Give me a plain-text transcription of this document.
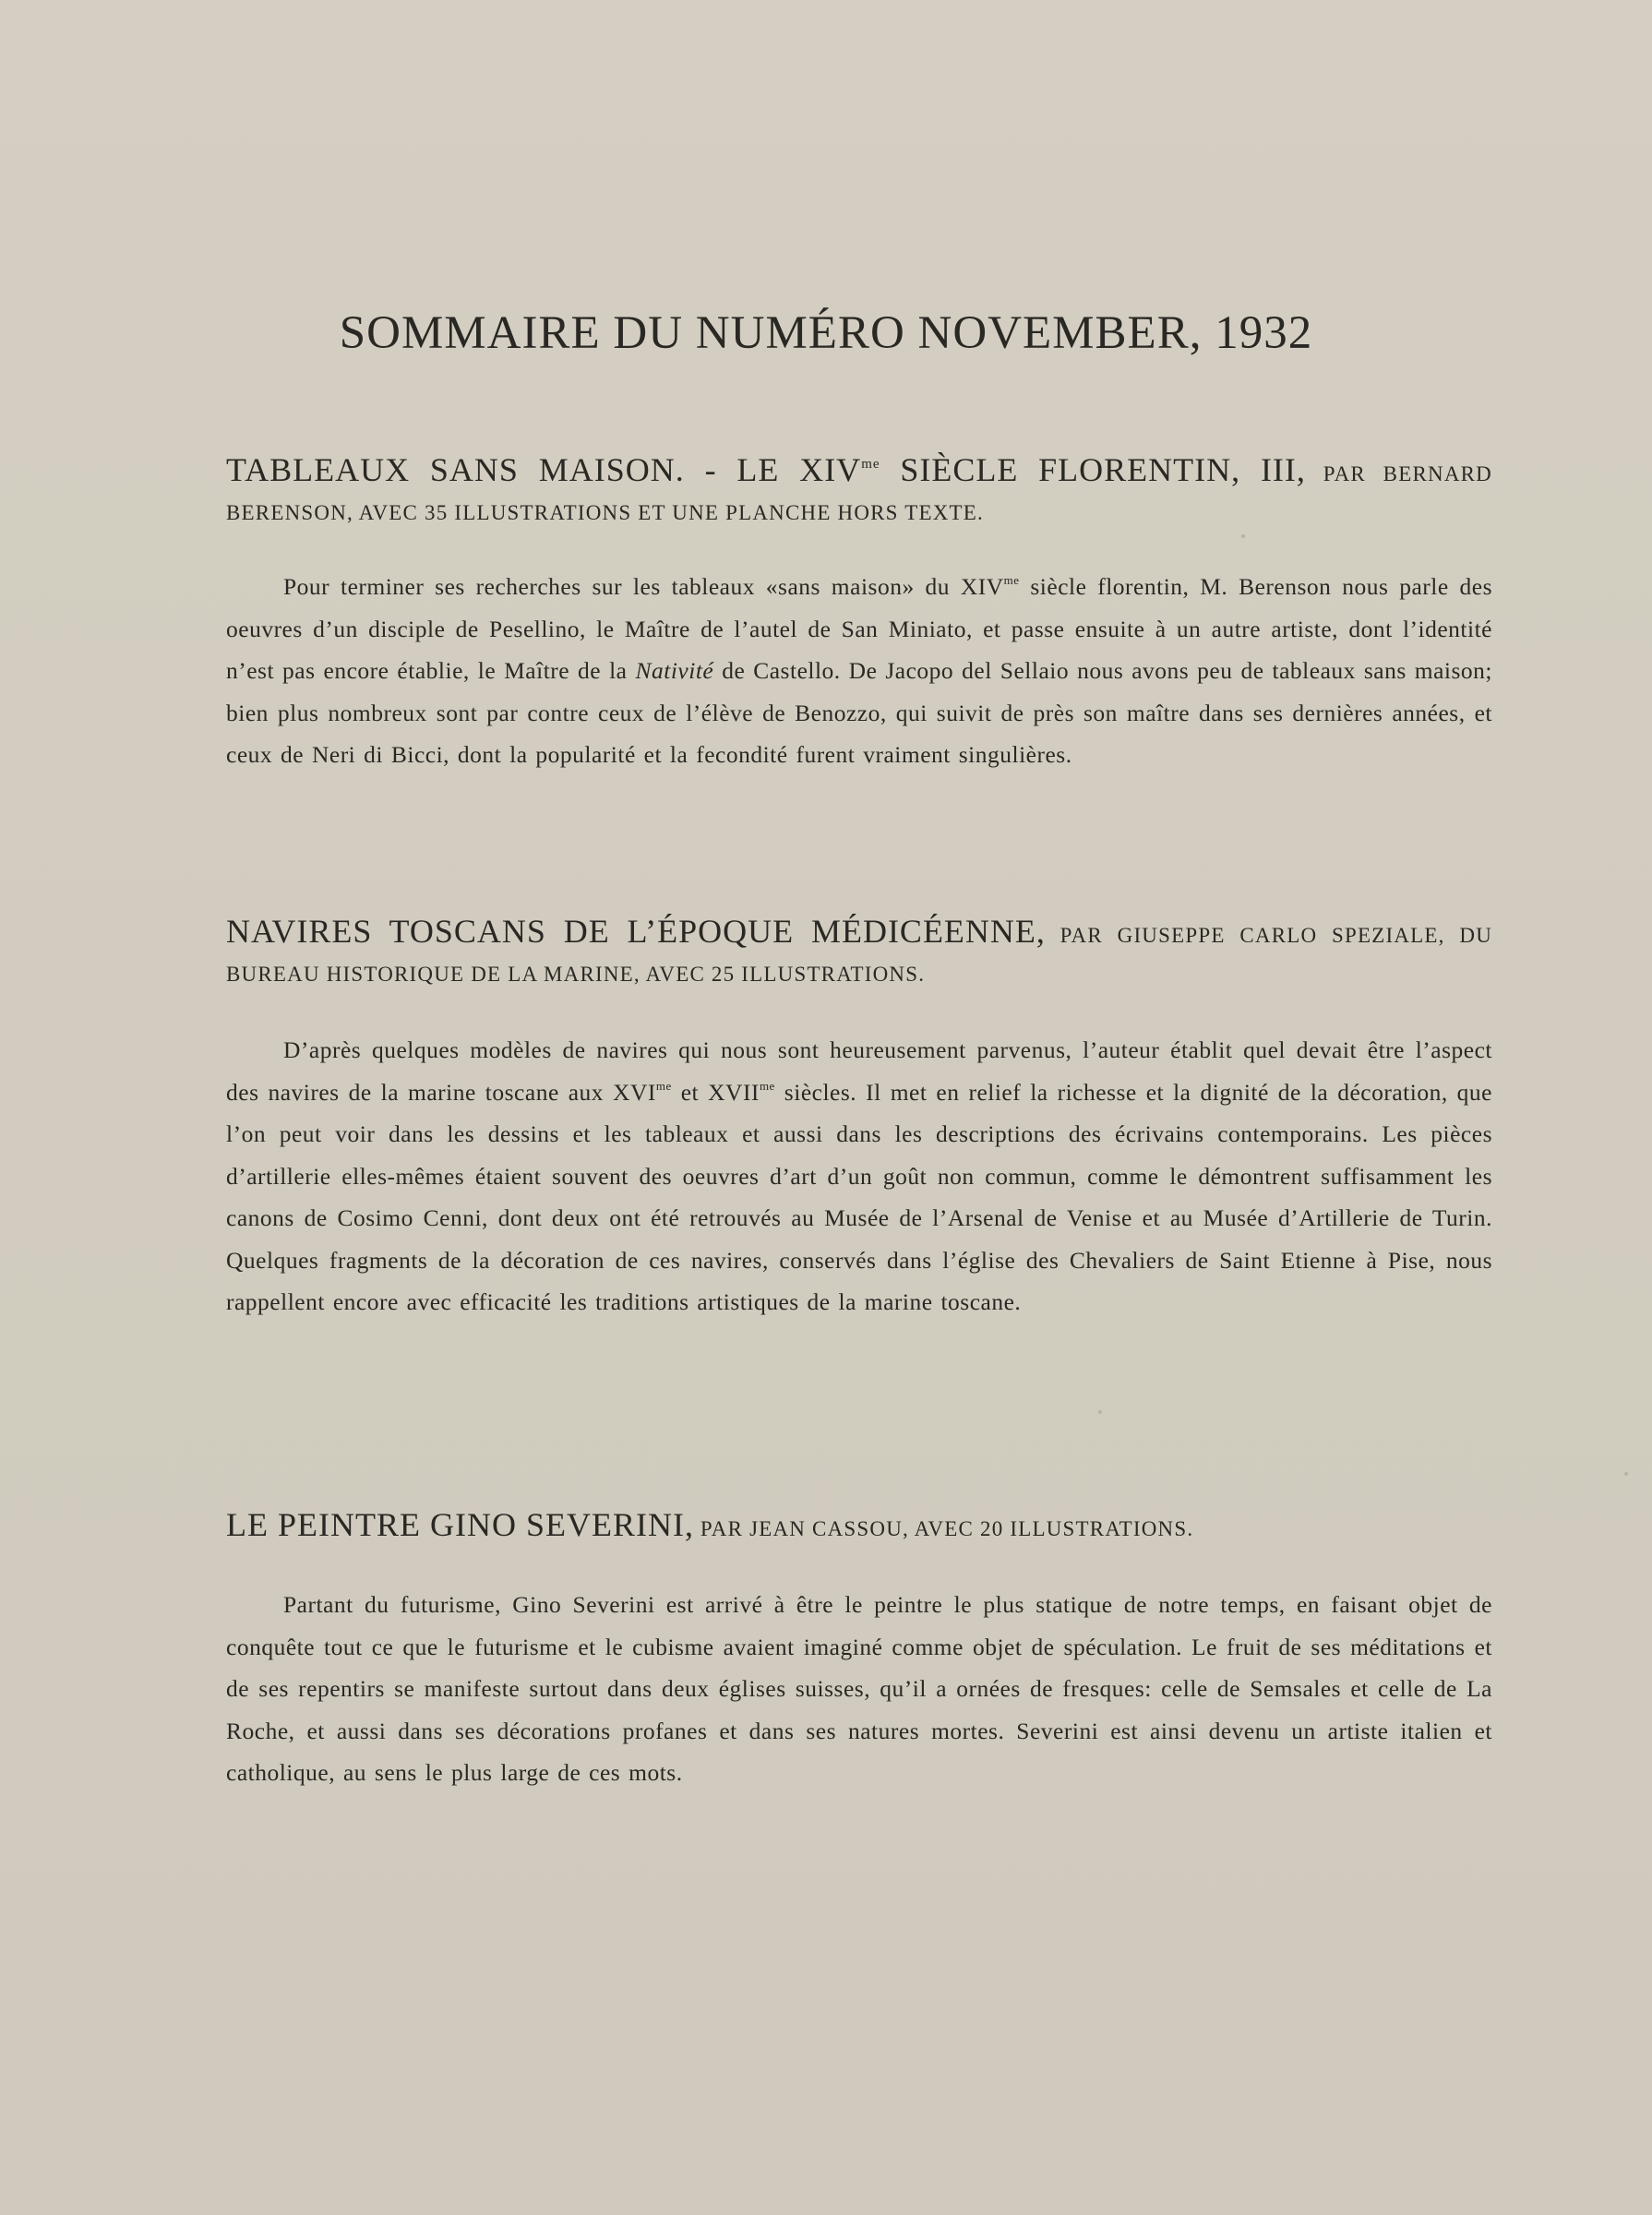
SOMMAIRE DU NUMÉRO NOVEMBER, 1932
TABLEAUX SANS MAISON. - LE $XIV^{me}$ SIÈCLE FLORENTIN, III, PAR BERNARD BERENSON, AVEC 35 ILLUSTRATIONS ET UNE PLANCHE HORS TEXTE.

Pour terminer ses recherches sur les tableaux «sans maison» du $XIV^{me}$ siècle florentin, M. Berenson nous parle des oeuvres d’un disciple de Pesellino, le Maître de l’autel de San Miniato, et passe ensuite à un autre artiste, dont l’identité n’est pas encore établie, le Maître de la Nativité de Castello. De Jacopo del Sellaio nous avons peu de tableaux sans maison; bien plus nombreux sont par contre ceux de l’élève de Benozzo, qui suivit de près son maître dans ses dernières années, et ceux de Neri di Bicci, dont la popularité et la fecondité furent vraiment singulières.

NAVIRES TOSCANS DE L’ÉPOQUE MÉDICÉENNE, PAR GIUSEPPE CARLO SPEZIALE, DU BUREAU HISTORIQUE DE LA MARINE, AVEC 25 ILLUSTRATIONS.

D’après quelques modèles de navires qui nous sont heureusement parvenus, l’auteur établit quel devait être l’aspect des navires de la marine toscane aux $XVI^{me}$ et $XVII^{me}$ siècles. Il met en relief la richesse et la dignité de la décoration, que l’on peut voir dans les dessins et les tableaux et aussi dans les descriptions des écrivains contemporains. Les pièces d’artillerie elles-mêmes étaient souvent des oeuvres d’art d’un goût non commun, comme le démontrent suffisamment les canons de Cosimo Cenni, dont deux ont été retrouvés au Musée de l’Arsenal de Venise et au Musée d’Artillerie de Turin. Quelques fragments de la décoration de ces navires, conservés dans l’église des Chevaliers de Saint Etienne à Pise, nous rappellent encore avec efficacité les traditions artistiques de la marine toscane.

LE PEINTRE GINO SEVERINI, PAR JEAN CASSOU, AVEC 20 ILLUSTRATIONS.

Partant du futurisme, Gino Severini est arrivé à être le peintre le plus statique de notre temps, en faisant objet de conquête tout ce que le futurisme et le cubisme avaient imaginé comme objet de spéculation. Le fruit de ses méditations et de ses repentirs se manifeste surtout dans deux églises suisses, qu’il a ornées de fresques: celle de Semsales et celle de La Roche, et aussi dans ses décorations profanes et dans ses natures mortes. Severini est ainsi devenu un artiste italien et catholique, au sens le plus large de ces mots.
